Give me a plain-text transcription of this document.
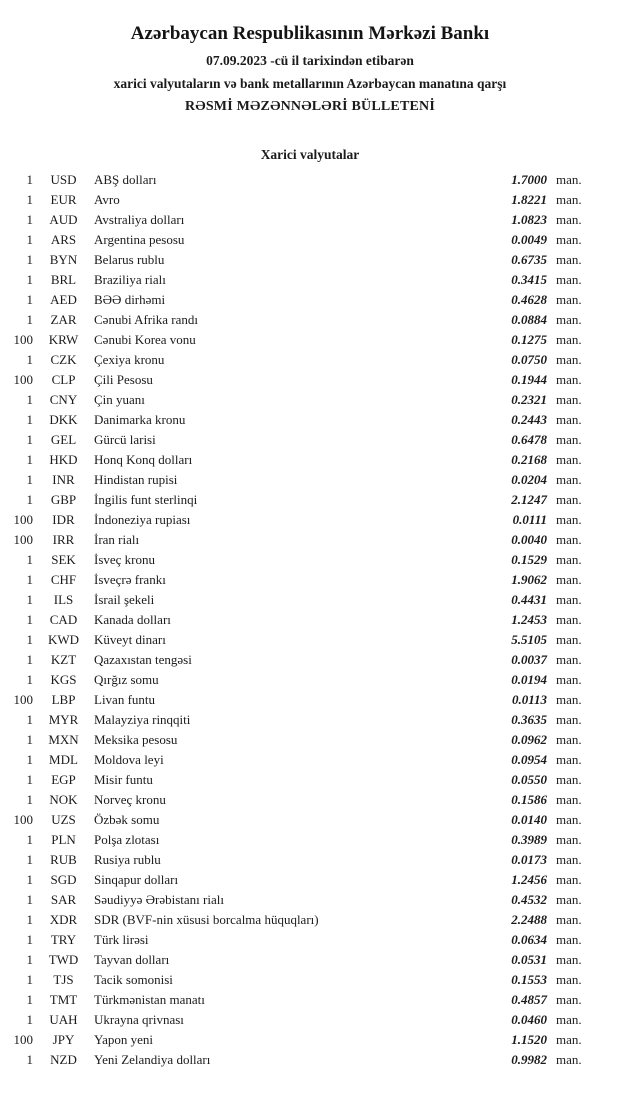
Azərbaycan Respublikasının Mərkəzi Bankı
07.09.2023 -cü il tarixindən etibarən
xarici valyutaların və bank metallarının Azərbaycan manatına qarşı
RƏSMİ MƏZƏNNƏLƏRİ BÜLLETENİ
Xarici valyutalar
1	USD	ABŞ dolları	1.7000 man.
1	EUR	Avro	1.8221 man.
1	AUD	Avstraliya dolları	1.0823 man.
1	ARS	Argentina pesosu	0.0049 man.
1	BYN	Belarus rublu	0.6735 man.
1	BRL	Braziliya rialı	0.3415 man.
1	AED	BƏƏ dirhəmi	0.4628 man.
1	ZAR	Cənubi Afrika randı	0.0884 man.
100	KRW	Cənubi Korea vonu	0.1275 man.
1	CZK	Çexiya kronu	0.0750 man.
100	CLP	Çili Pesosu	0.1944 man.
1	CNY	Çin yuanı	0.2321 man.
1	DKK	Danimarka kronu	0.2443 man.
1	GEL	Gürcü larisi	0.6478 man.
1	HKD	Honq Konq dolları	0.2168 man.
1	INR	Hindistan rupisi	0.0204 man.
1	GBP	İngilis funt sterlinqi	2.1247 man.
100	IDR	İndoneziya rupiası	0.0111 man.
100	IRR	İran rialı	0.0040 man.
1	SEK	İsveç kronu	0.1529 man.
1	CHF	İsveçrə frankı	1.9062 man.
1	ILS	İsrail şekeli	0.4431 man.
1	CAD	Kanada dolları	1.2453 man.
1	KWD	Küveyt dinarı	5.5105 man.
1	KZT	Qazaxıstan tengəsi	0.0037 man.
1	KGS	Qırğız somu	0.0194 man.
100	LBP	Livan funtu	0.0113 man.
1	MYR	Malayziya rinqqiti	0.3635 man.
1	MXN	Meksika pesosu	0.0962 man.
1	MDL	Moldova leyi	0.0954 man.
1	EGP	Misir funtu	0.0550 man.
1	NOK	Norveç kronu	0.1586 man.
100	UZS	Özbək somu	0.0140 man.
1	PLN	Polşa zlotası	0.3989 man.
1	RUB	Rusiya rublu	0.0173 man.
1	SGD	Sinqapur dolları	1.2456 man.
1	SAR	Səudiyyə Ərəbistanı rialı	0.4532 man.
1	XDR	SDR (BVF-nin xüsusi borcalma hüquqları)	2.2488 man.
1	TRY	Türk lirəsi	0.0634 man.
1	TWD	Tayvan dolları	0.0531 man.
1	TJS	Tacik somonisi	0.1553 man.
1	TMT	Türkmənistan manatı	0.4857 man.
1	UAH	Ukrayna qrivnası	0.0460 man.
100	JPY	Yapon yeni	1.1520 man.
1	NZD	Yeni Zelandiya dolları	0.9982 man.
